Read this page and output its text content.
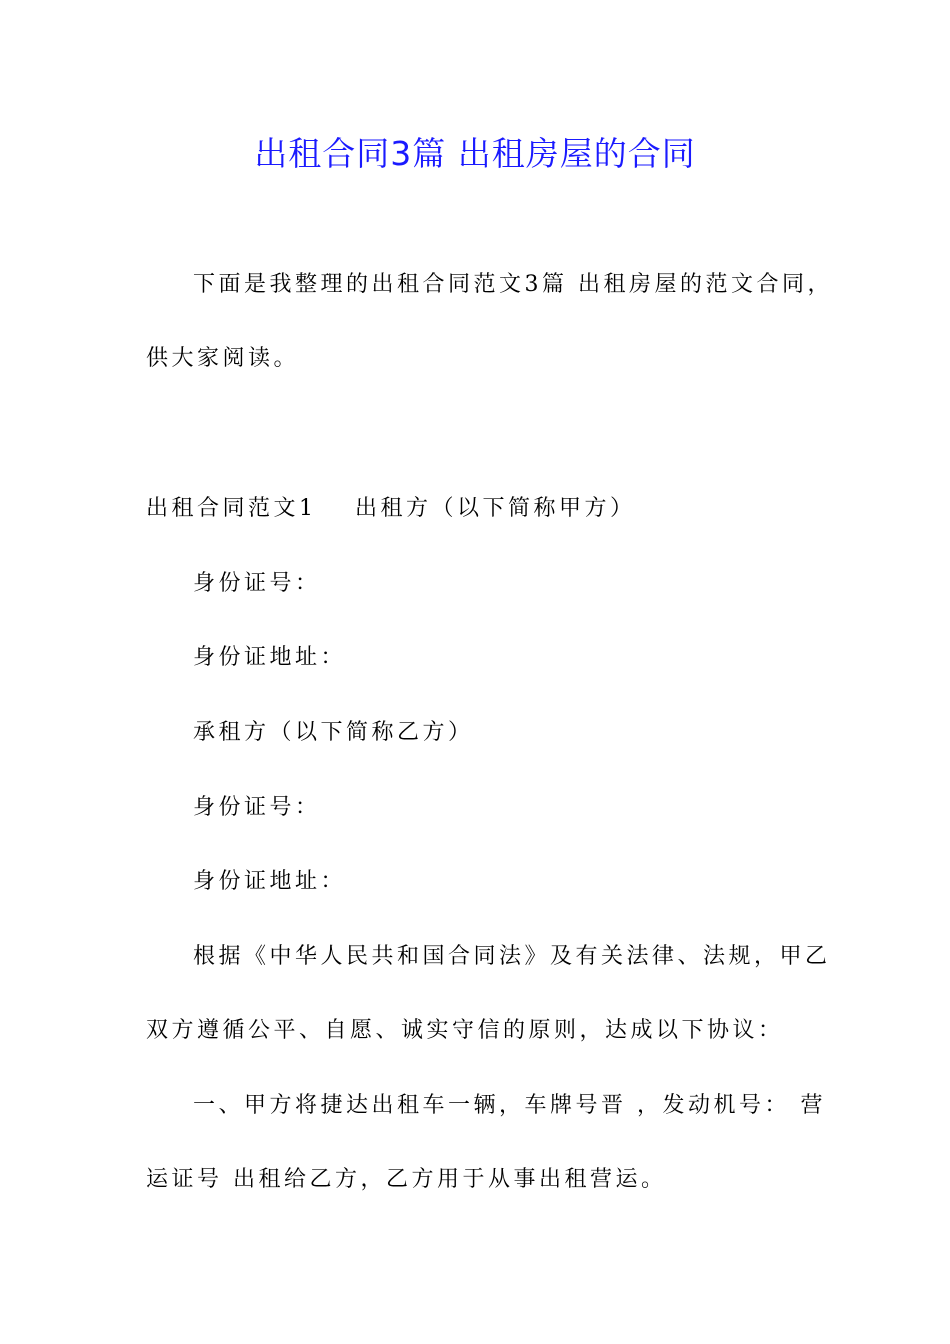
出租合同3篇 出租房屋的合同
下面是我整理的出租合同范文3篇 出租房屋的范文合同，
供大家阅读。
出租合同范文1 出租方（以下简称甲方）
身份证号：
身份证地址：
承租方（以下简称乙方）
身份证号：
身份证地址：
根据《中华人民共和国合同法》及有关法律、法规，甲乙
双方遵循公平、自愿、诚实守信的原则，达成以下协议：
一、甲方将捷达出租车一辆，车牌号晋 ，发动机号： 营
运证号 出租给乙方，乙方用于从事出租营运。
